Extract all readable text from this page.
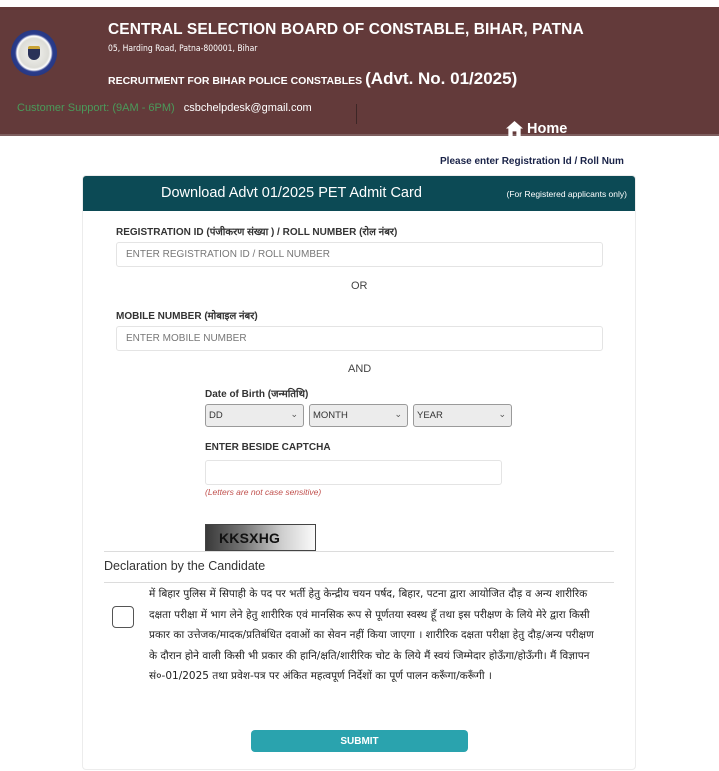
CENTRAL SELECTION BOARD OF CONSTABLE, BIHAR, PATNA
05, Harding Road, Patna-800001, Bihar
RECRUITMENT FOR BIHAR POLICE CONSTABLES (Advt. No. 01/2025)
Customer Support: (9AM - 6PM) csbchelpdesk@gmail.com
Home
Please enter Registration Id / Roll Num
Download Advt 01/2025 PET Admit Card	(For Registered applicants only)
REGISTRATION ID (पंजीकरण संख्या ) / ROLL NUMBER (रोल नंबर)
ENTER REGISTRATION ID / ROLL NUMBER
OR
MOBILE NUMBER (मोबाइल नंबर)
ENTER MOBILE NUMBER
AND
Date of Birth (जन्मतिथि)
DD	⌄ MONTH	⌄ YEAR	⌄
ENTER BESIDE CAPTCHA
(Letters are not case sensitive)
KKSXHG
Declaration by the Candidate
में बिहार पुलिस में सिपाही के पद पर भर्ती हेतु केन्द्रीय चयन पर्षद, बिहार, पटना द्वारा आयोजित दौड़ व अन्य शारीरिक दक्षता परीक्षा में भाग लेने हेतु शारीरिक एवं मानसिक रूप से पूर्णतया स्वस्थ हूँ तथा इस परीक्षण के लिये मेरे द्वारा किसी प्रकार का उत्तेजक/मादक/प्रतिबंधित दवाओं का सेवन नहीं किया जाएगा । शारीरिक दक्षता परीक्षा हेतु दौड़/अन्य परीक्षण के दौरान होने वाली किसी भी प्रकार की हानि/क्षति/शारीरिक चोट के लिये मैं स्वयं जिम्मेदार होऊँगा/होऊँगी। मैं विज्ञापन सं०-01/2025 तथा प्रवेश-पत्र पर अंकित महत्वपूर्ण निर्देशों का पूर्ण पालन करूँगा/करूँगी ।
SUBMIT
